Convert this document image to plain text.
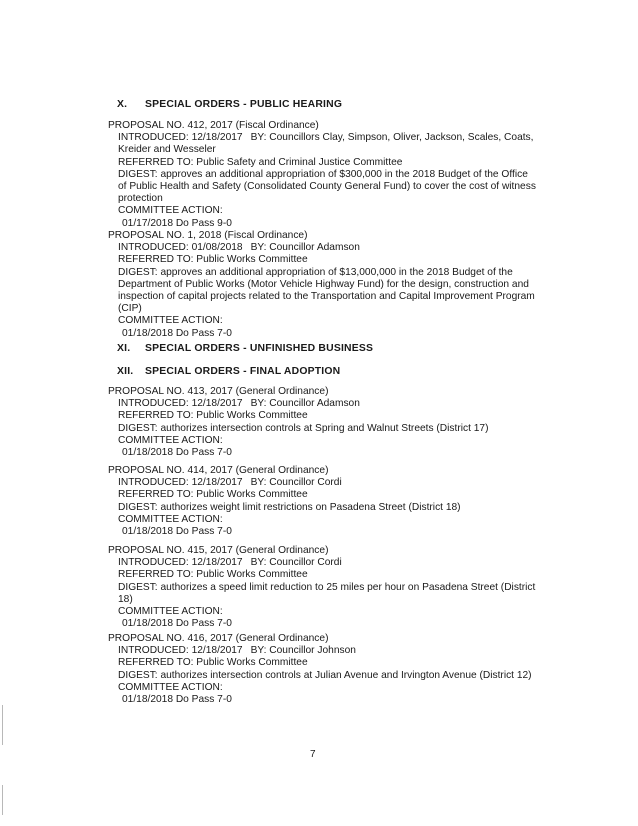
X. SPECIAL ORDERS - PUBLIC HEARING
PROPOSAL NO. 412, 2017 (Fiscal Ordinance)
INTRODUCED: 12/18/2017 BY: Councillors Clay, Simpson, Oliver, Jackson, Scales, Coats, Kreider and Wesseler
REFERRED TO: Public Safety and Criminal Justice Committee
DIGEST: approves an additional appropriation of $300,000 in the 2018 Budget of the Office of Public Health and Safety (Consolidated County General Fund) to cover the cost of witness protection
COMMITTEE ACTION:
01/17/2018 Do Pass 9-0
PROPOSAL NO. 1, 2018 (Fiscal Ordinance)
INTRODUCED: 01/08/2018 BY: Councillor Adamson
REFERRED TO: Public Works Committee
DIGEST: approves an additional appropriation of $13,000,000 in the 2018 Budget of the Department of Public Works (Motor Vehicle Highway Fund) for the design, construction and inspection of capital projects related to the Transportation and Capital Improvement Program (CIP)
COMMITTEE ACTION:
01/18/2018 Do Pass 7-0
XI. SPECIAL ORDERS - UNFINISHED BUSINESS
XII. SPECIAL ORDERS - FINAL ADOPTION
PROPOSAL NO. 413, 2017 (General Ordinance)
INTRODUCED: 12/18/2017 BY: Councillor Adamson
REFERRED TO: Public Works Committee
DIGEST: authorizes intersection controls at Spring and Walnut Streets (District 17)
COMMITTEE ACTION:
01/18/2018 Do Pass 7-0
PROPOSAL NO. 414, 2017 (General Ordinance)
INTRODUCED: 12/18/2017 BY: Councillor Cordi
REFERRED TO: Public Works Committee
DIGEST: authorizes weight limit restrictions on Pasadena Street (District 18)
COMMITTEE ACTION:
01/18/2018 Do Pass 7-0
PROPOSAL NO. 415, 2017 (General Ordinance)
INTRODUCED: 12/18/2017 BY: Councillor Cordi
REFERRED TO: Public Works Committee
DIGEST: authorizes a speed limit reduction to 25 miles per hour on Pasadena Street (District 18)
COMMITTEE ACTION:
01/18/2018 Do Pass 7-0
PROPOSAL NO. 416, 2017 (General Ordinance)
INTRODUCED: 12/18/2017 BY: Councillor Johnson
REFERRED TO: Public Works Committee
DIGEST: authorizes intersection controls at Julian Avenue and Irvington Avenue (District 12)
COMMITTEE ACTION:
01/18/2018 Do Pass 7-0
7
